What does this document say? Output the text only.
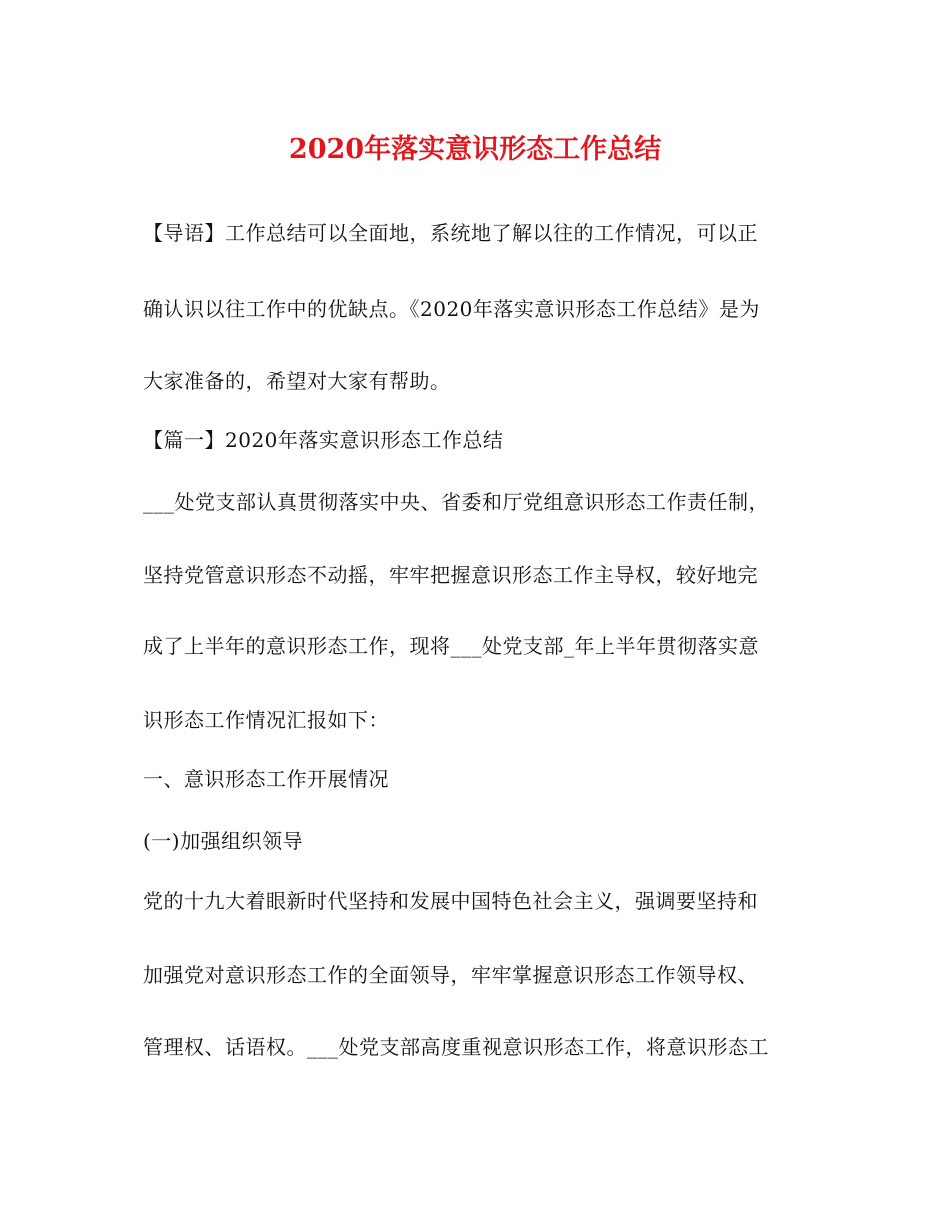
2020年落实意识形态工作总结
【导语】工作总结可以全面地，系统地了解以往的工作情况，可以正
确认识以往工作中的优缺点。《2020年落实意识形态工作总结》是为
大家准备的，希望对大家有帮助。
【篇一】2020年落实意识形态工作总结
___处党支部认真贯彻落实中央、省委和厅党组意识形态工作责任制，
坚持党管意识形态不动摇，牢牢把握意识形态工作主导权，较好地完
成了上半年的意识形态工作，现将___处党支部_年上半年贯彻落实意
识形态工作情况汇报如下：
一、意识形态工作开展情况
(一)加强组织领导
党的十九大着眼新时代坚持和发展中国特色社会主义，强调要坚持和
加强党对意识形态工作的全面领导，牢牢掌握意识形态工作领导权、
管理权、话语权。___处党支部高度重视意识形态工作，将意识形态工
